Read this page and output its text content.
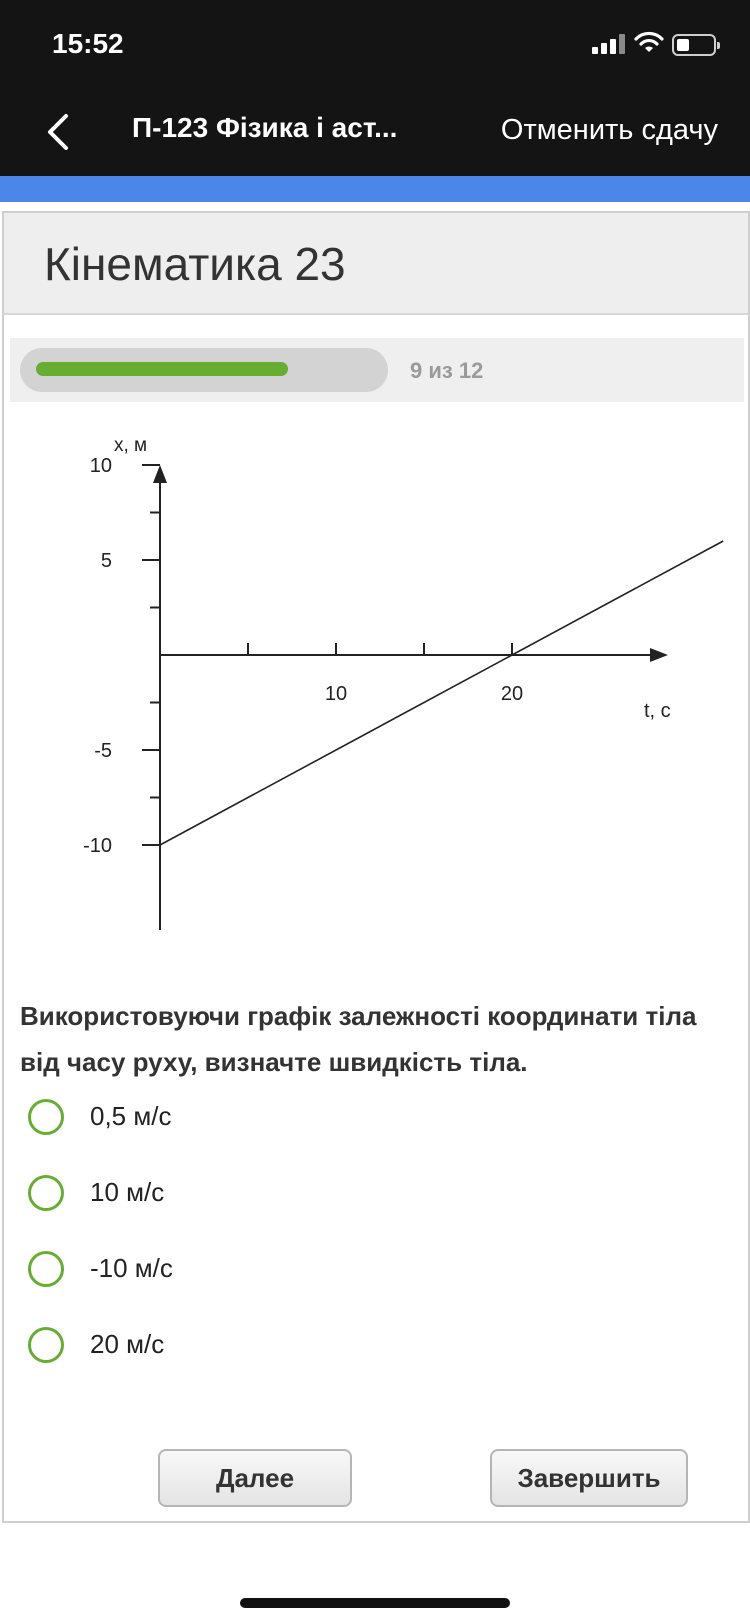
15:52
П-123 Фізика і аст...	Отменить сдачу
Кінематика 23
9 из 12
10	20
10
5
-5
-10
x, м
t, с
Використовуючи графік залежності координати тіла від часу руху, визначте швидкість тіла.
0,5 м/с
10 м/с
-10 м/с
20 м/с
Далее	Завершить
